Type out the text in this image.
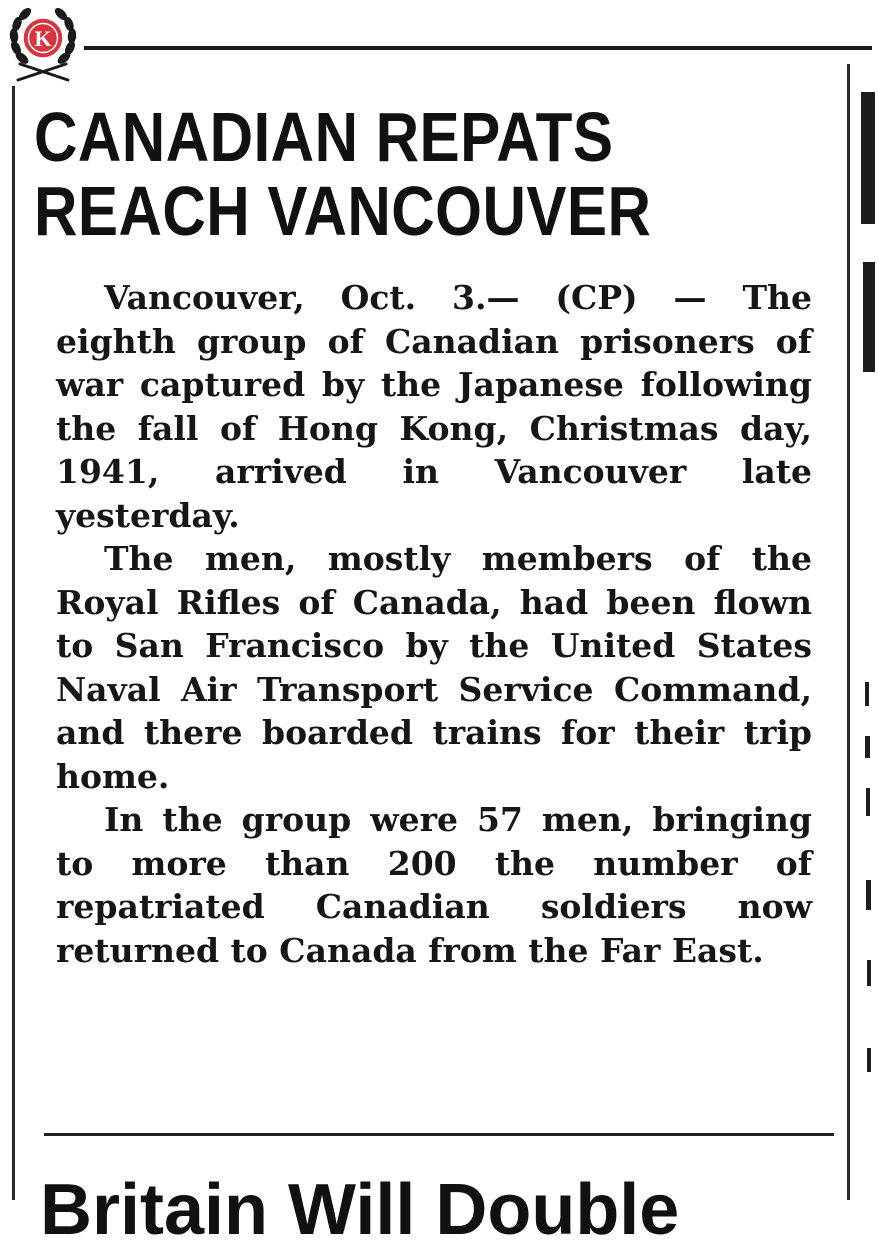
K
CANADIAN REPATS
REACH VANCOUVER

Vancouver, Oct. 3.— (CP) — The eighth group of Canadian prisoners of war captured by the Japanese following the fall of Hong Kong, Christmas day, 1941, arrived in Vancouver late yesterday.

The men, mostly members of the Royal Rifles of Canada, had been flown to San Francisco by the United States Naval Air Transport Service Command, and there boarded trains for their trip home.

In the group were 57 men, bringing to more than 200 the number of repatriated Canadian soldiers now returned to Canada from the Far East.

Britain Will Double
